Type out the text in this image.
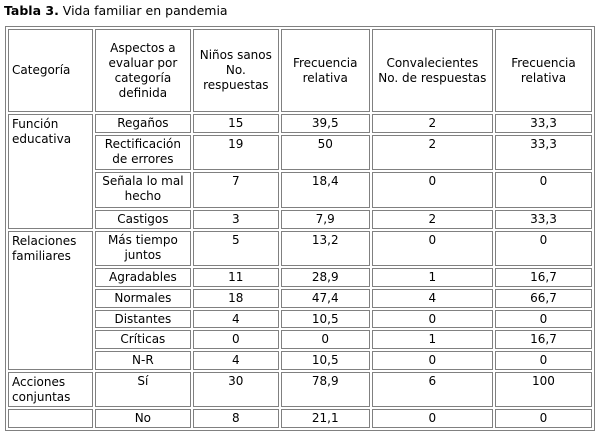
Tabla 3. Vida familiar en pandemia
Categoría	Aspectos a evaluar por categoría definida	Niños sanos No. respuestas	Frecuencia relativa	Convalecientes No. de respuestas	Frecuencia relativa
Función educativa	Regaños	15	39,5	2	33,3
	Rectificación de errores	19	50	2	33,3
	Señala lo mal hecho	7	18,4	0	0
	Castigos	3	7,9	2	33,3
Relaciones familiares	Más tiempo juntos	5	13,2	0	0
	Agradables	11	28,9	1	16,7
	Normales	18	47,4	4	66,7
	Distantes	4	10,5	0	0
	Críticas	0	0	1	16,7
	N-R	4	10,5	0	0
Acciones conjuntas	Sí	30	78,9	6	100
	No	8	21,1	0	0
